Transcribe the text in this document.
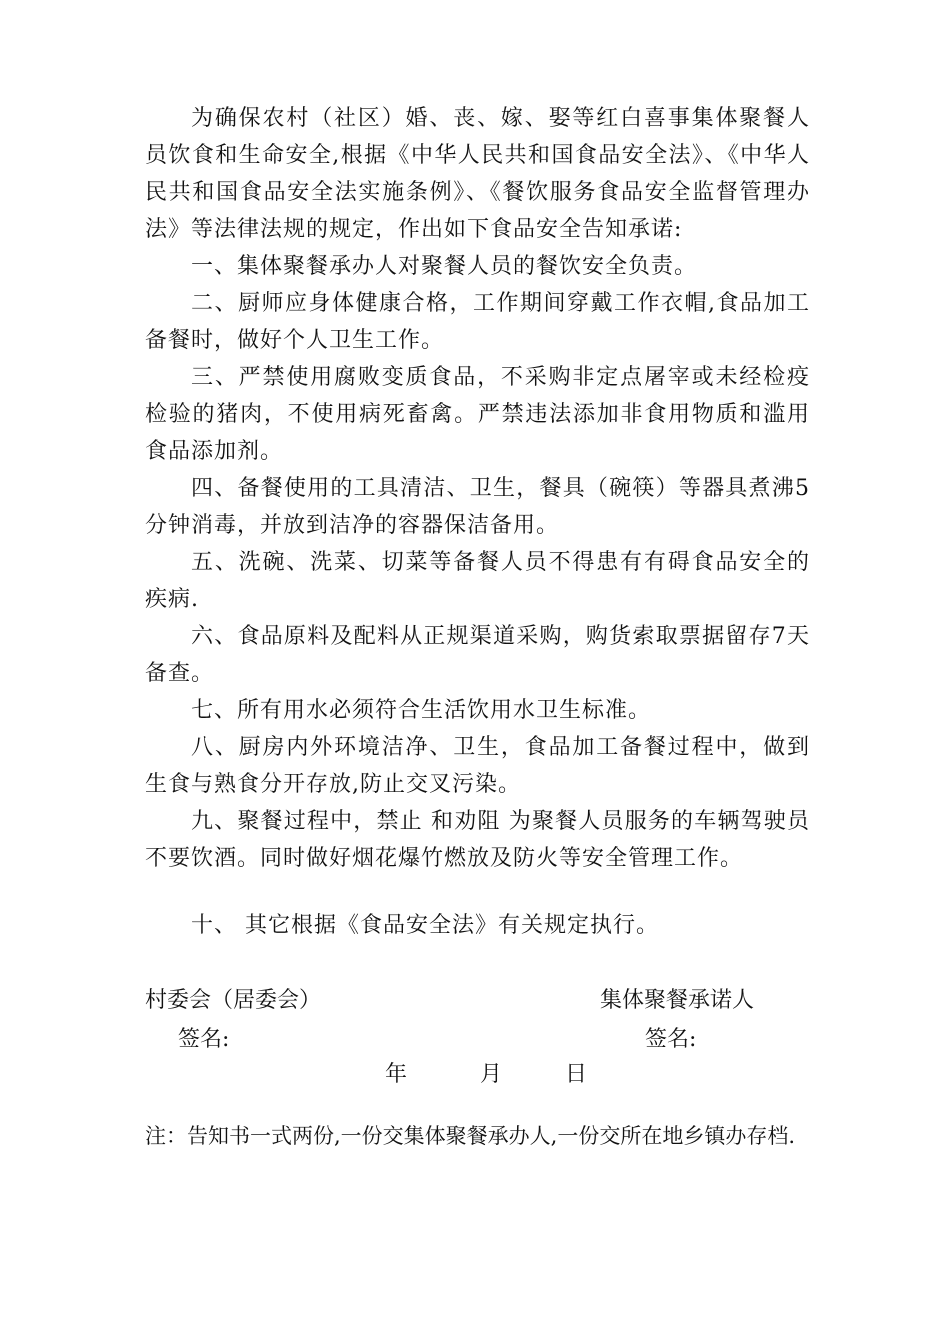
为确保农村（社区）婚、丧、嫁、娶等红白喜事集体聚餐人员饮食和生命安全,根据《中华人民共和国食品安全法》、《中华人民共和国食品安全法实施条例》、《餐饮服务食品安全监督管理办法》等法律法规的规定，作出如下食品安全告知承诺:

一、集体聚餐承办人对聚餐人员的餐饮安全负责。

二、厨师应身体健康合格，工作期间穿戴工作衣帽,食品加工备餐时，做好个人卫生工作。

三、严禁使用腐败变质食品，不采购非定点屠宰或未经检疫检验的猪肉，不使用病死畜禽。严禁违法添加非食用物质和滥用食品添加剂。

四、备餐使用的工具清洁、卫生，餐具（碗筷）等器具煮沸5分钟消毒，并放到洁净的容器保洁备用。

五、洗碗、洗菜、切菜等备餐人员不得患有有碍食品安全的疾病.

六、食品原料及配料从正规渠道采购，购货索取票据留存7天备查。

七、所有用水必须符合生活饮用水卫生标准。

八、厨房内外环境洁净、卫生，食品加工备餐过程中，做到生食与熟食分开存放,防止交叉污染。

九、聚餐过程中，禁止 和劝阻 为聚餐人员服务的车辆驾驶员不要饮酒。同时做好烟花爆竹燃放及防火等安全管理工作。

十、 其它根据《食品安全法》有关规定执行。

村委会（居委会）	集体聚餐承诺人
签名:	签名:
年	月	日

注：告知书一式两份,一份交集体聚餐承办人,一份交所在地乡镇办存档.
